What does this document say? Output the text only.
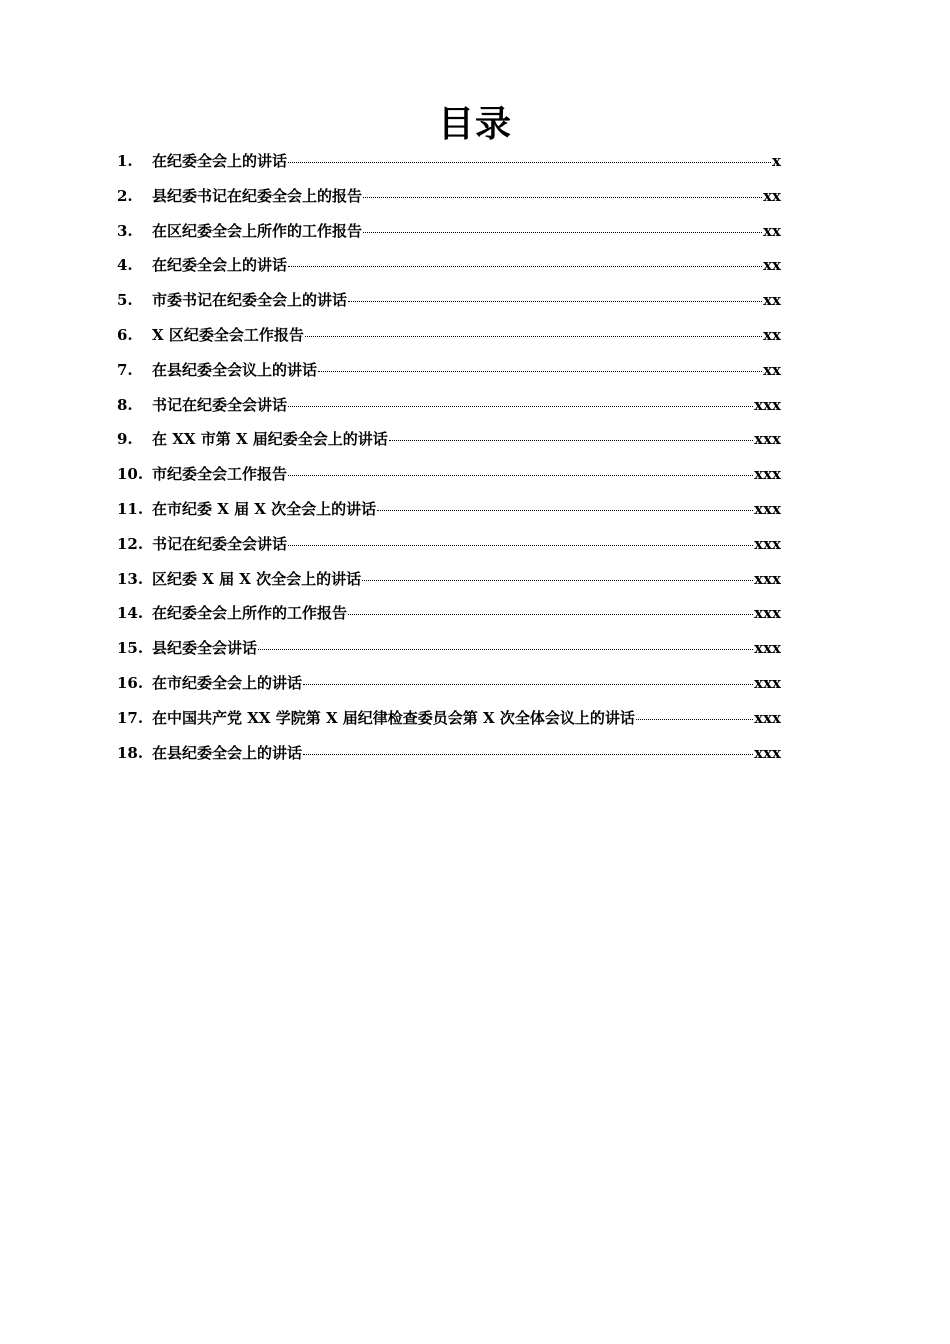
目录
1.	在纪委全会上的讲话	x
2.	县纪委书记在纪委全会上的报告	xx
3.	在区纪委全会上所作的工作报告	xx
4.	在纪委全会上的讲话	xx
5.	市委书记在纪委全会上的讲话	xx
6.	X 区纪委全会工作报告	xx
7.	在县纪委全会议上的讲话	xx
8.	书记在纪委全会讲话	xxx
9.	在 XX 市第 X 届纪委全会上的讲话	xxx
10. 市纪委全会工作报告	xxx
11. 在市纪委 X 届 X 次全会上的讲话	xxx
12. 书记在纪委全会讲话	xxx
13. 区纪委 X 届 X 次全会上的讲话	xxx
14. 在纪委全会上所作的工作报告	xxx
15. 县纪委全会讲话	xxx
16. 在市纪委全会上的讲话	xxx
17. 在中国共产党 XX 学院第 X 届纪律检查委员会第 X 次全体会议上的讲话	xxx
18. 在县纪委全会上的讲话	xxx
